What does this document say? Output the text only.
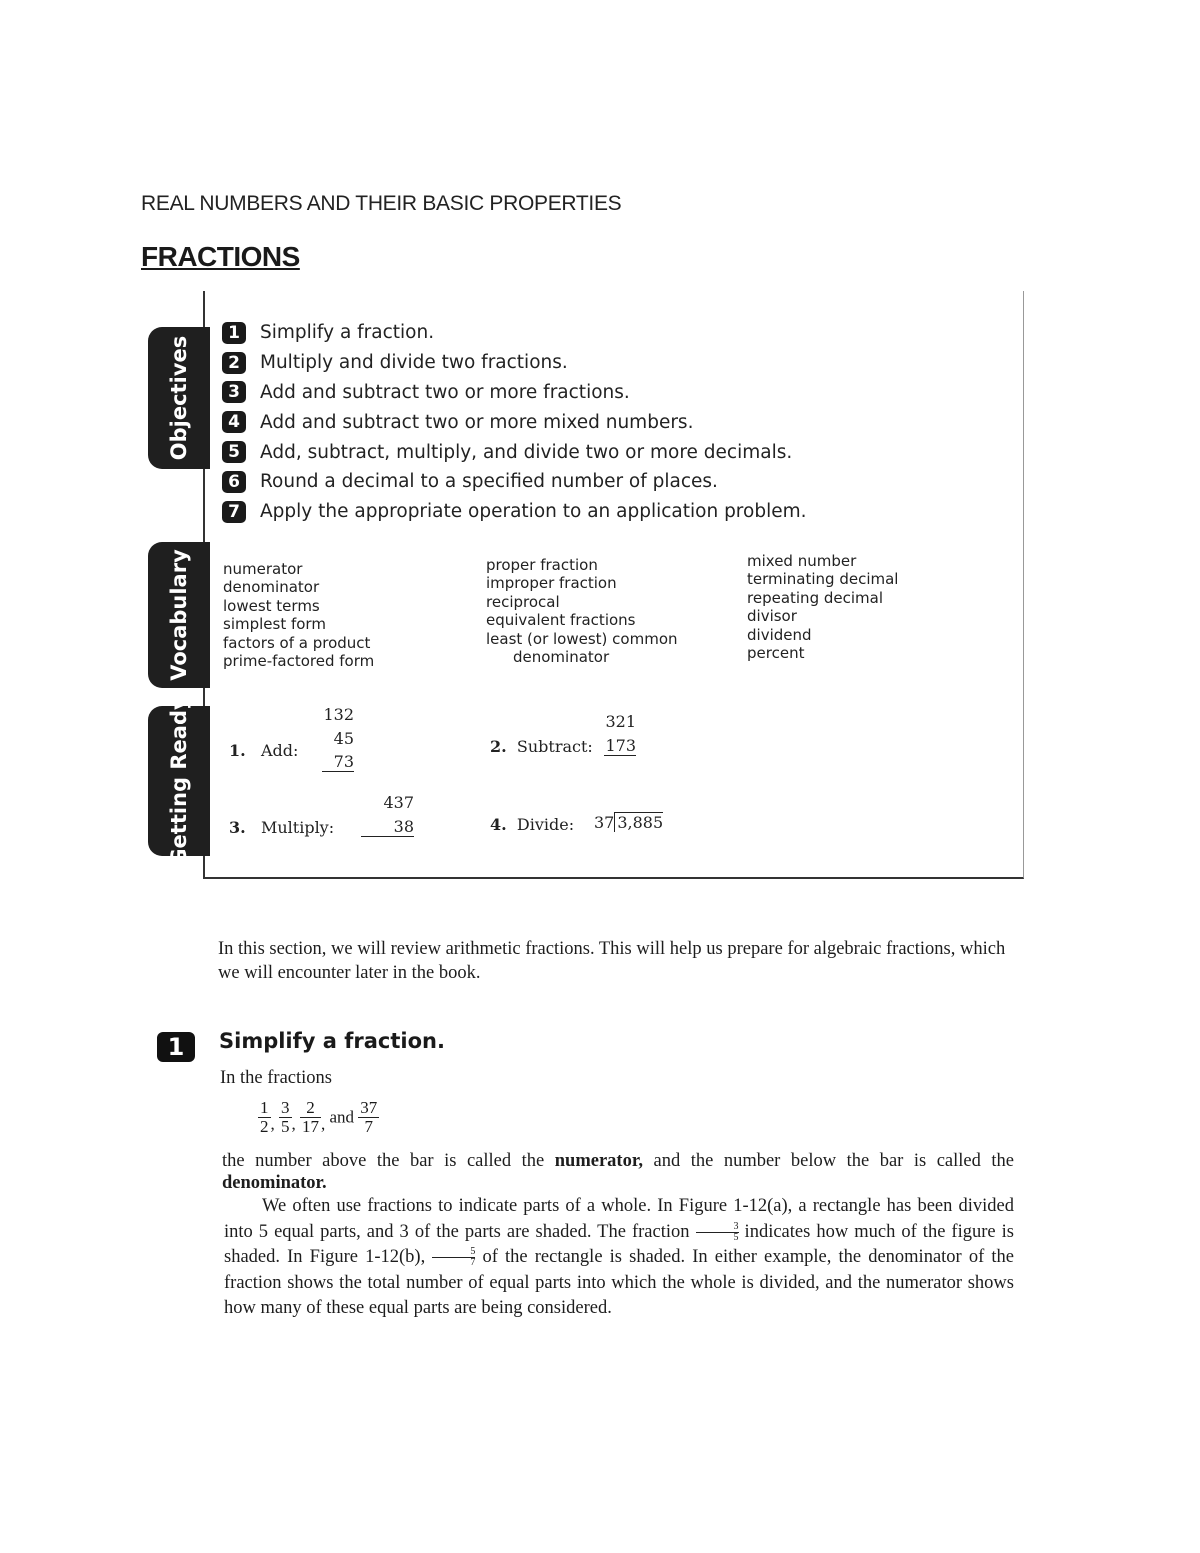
REAL NUMBERS AND THEIR BASIC PROPERTIES
FRACTIONS
Objectives
Vocabulary
Getting Ready
1	Simplify a fraction.
2	Multiply and divide two fractions.
3	Add and subtract two or more fractions.
4	Add and subtract two or more mixed numbers.
5	Add, subtract, multiply, and divide two or more decimals.
6	Round a decimal to a specified number of places.
7	Apply the appropriate operation to an application problem.
numerator
denominator
lowest terms
simplest form
factors of a product
prime-factored form
proper fraction
improper fraction
reciprocal
equivalent fractions
least (or lowest) common
denominator
mixed number
terminating decimal
repeating decimal
divisor
dividend
percent
1. Add:
132
45
73
2. Subtract:
321
173
3. Multiply:
437
38	4. Divide: 37 3,885
In this section, we will review arithmetic fractions. This will help us prepare for algebraic fractions, which we will encounter later in the book.
1	Simplify a fraction.
In the fractions
$\frac{1}{2}$ , $\frac{3}{5}$ , $\frac{2}{17}$ , and $\frac{37}{7}$
the number above the bar is called the numerator, and the number below the bar is called the denominator.
We often use fractions to indicate parts of a whole. In Figure 1-12(a), a rectangle has been divided into 5 equal parts, and 3 of the parts are shaded. The fraction $\frac{3}{5}$ indicates how much of the figure is shaded. In Figure 1-12(b), $\frac{5}{7}$ of the rectangle is shaded. In either example, the denominator of the fraction shows the total number of equal parts into which the whole is divided, and the numerator shows how many of these equal parts are being considered.
